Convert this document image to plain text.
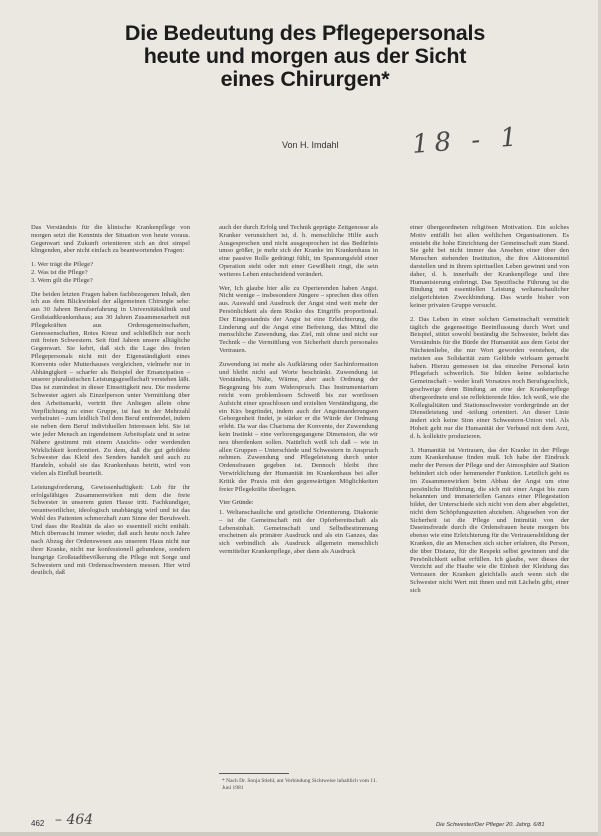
Die Bedeutung des Pflegepersonals
heute und morgen aus der Sicht
eines Chirurgen*
Von H. Imdahl	18 - 1

Das Verständnis für die klinische Krankenpflege von morgen setzt die Kenntnis der Situation von heute voraus. Gegenwart und Zukunft orientieren sich an drei simpel klingenden, aber nicht einfach zu beantwortenden Fragen:

1. Wer trägt die Pflege?
2. Was ist die Pflege?
3. Wem gilt die Pflege?

Die beiden letzten Fragen haben fachbezogenen Inhalt, den ich aus dem Blickwinkel der allgemeinen Chirurgie sehe: aus 30 Jahren Berufserfahrung in Universitätsklinik und Großstadtkrankenhaus; aus 30 Jahren Zusammenarbeit mit Pflegekräften aus Ordensgemeinschaften, Genossenschaften, Rotes Kreuz und schließlich nur noch mit freien Schwestern. Seit fünf Jahren unsere alltägliche Gegenwart. Sie kehrt, daß sich die Lage des freien Pflegepersonals nicht mit der Eigenständigkeit eines Konvents oder Mutterhauses vergleichen, vielmehr nur in Abhängigkeit – scharfer als Beispiel der Emanzipation – unserer pluralistischen Leistungsgesellschaft verstehen läßt. Das ist zumindest in dieser Einseitigkeit neu. Die moderne Schwester agiert als Einzelperson unter Vermittlung über den Arbeitsmarkt, vertritt ihre Anliegen allein ohne Verpflichtung zu einer Gruppe, ist fast in der Mehrzahl verheiratet – zum leidlich Teil dem Beruf entfremdet, indem sie neben dem Beruf individuellen Interessen lebt. Sie ist wie jeder Mensch an irgendeinem Arbeitsplatz und in seine Nähere gestimmt mit einem Ansichts- oder werdenden Wirklichkeit konfrontiert. Zu dem, daß die gut gebildete Schwester das Kleid des Senders handelt und auch zu Handeln, sobald sie das Krankenhaus betritt, wird von vielen als Einfluß beurteilt.

Leistungsforderung, Gewissenhaftigkeit: Lob für ihr erfolgsfähiges Zusammenwirken mit dem die freie Schwester in unserem guten Hause tritt. Fachkundiger, verantwortlicher, ideologisch unabhängig wird und ist das Wohl des Patienten schmerzhaft zum Sinne der Berufswelt. Und dass die Realität da also so essentiell nicht enthält. Mich überrascht immer wieder, daß auch heute noch Jahre nach Abzug der Ordenswesen aus unserem Haus nicht nur ihrer Kranke, nicht nur konfessionell gebundene, sondern hungrige Großstadtbevölkerung die Pflege mit Sorge und Schwestern und mit Ordensschwestern messen. Hier wird deutlich, daß

auch der durch Erfolg und Technik geprägte Zeitgenosse als Kranker verunsichert ist, d. h. menschliche Hilfe auch Ausgesprochen und nicht ausgesprochen ist das Bedürfnis umso größer, je mehr sich der Kranke im Krankenhaus in eine passive Rolle gedrängt fühlt, im Spannungsfeld einer Operation steht oder mit einer Gewißheit ringt, die sein weiteres Leben entscheidend verändert.

Wer, Ich glaube hier alle zu Operierenden haben Angst. Nicht wenige – insbesondere Jüngere – sprechen dies offen aus. Auswahl und Ausdruck der Angst sind weit mehr der Persönlichkeit als dem Risiko des Eingriffs proportional. Der Eingestandnis der Angst ist eine Erleichterung, die Linderung auf die Angst eine Befreiung, das Mittel die menschliche Zuwendung, das Ziel, mit ohne und nicht sur Technik – die Vermittlung von Sicherheit durch personales Vertrauen.

Zuwendung ist mehr als Aufklärung oder Sachinformation und bleibt nicht auf Worte beschränkt. Zuwendung ist Verständnis, Nähe, Wärme, aber auch Ordnung der Begegnung bis zum Widerspruch. Das Instrumentarium reicht vom problemlosen Schweiß bis zur wortlosen Aufsicht einer sprachlosen und erzielten Verständigung, die ein Kirs begründet, indem auch der Angstmanderungsen Geborgenheit findet, je stärker er die Würde der Ordnung erlebt. Da war das Charisma der Konvente, der Zuwendung kein Instinkt – eine verlorengegangene Dimension, die wir neu überdenken sollen. Natürlich weiß ich daß – wie in allen Gruppen – Unterschiede und Schwestern in Anspruch nehmen. Zuwendung und Pflegeleistung durch unter Ordensfrauen gegeben ist. Dennoch bleibt ihre Verwirklichung der Humanität im Krankenhaus bei aller Kritik der Praxis mit den gegenwärtigen Möglichkeiten freier Pflegekräfte überlegen.

Vier Gründe:

1. Weltanschauliche und geistliche Orientierung. Diakonie – ist die Gemeinschaft mit der Opferbereitschaft als Lebensinhalt. Gemeinschaft und Selbstbestimmung erscheinen als primärer Ausdruck und als ein Ganzes, das sich verbindlich als Ausdruck allgemein menschlich vermittelter Krankenpflege, aber dann als Ausdruck

einer übergeordneten religiösen Motivation. Ein solches Motiv entfällt bei allen weltlichen Organisationen. Es entsteht die hohe Einrichtung der Gemeinschaft zum Stand. Sie geht bei nicht immer das Ansehen einer über den Menschen stehenden Institution, die ihre Aktionsmittel darstellen und in ihrem spirituellen Leben gewinnt und von daher, d. h. innerhalb der Krankenpflege und ihre Humanisierung einbringt. Das Spezifische Führung ist die Bindung mit essentiellen Leistung weltanschaulicher zielgerichteten Zweckbindung. Das wurde bisher von keiner privaten Gruppe versucht.

2. Das Leben in einer solchen Gemeinschaft vermittelt täglich die gegenseitige Beeinflussung durch Wort und Beispiel, stützt sowohl beständig die Schwester, belebt das Verständnis für die Bürde der Humanität aus dem Geist der Nächstenliebe, die nur Wort geworden verstehen, die meisten aus Solidarität zum Gelübde wirksam gemacht haben. Hierzu gemessen ist das einzelne Personal kein Pflegefach schwerlich. Sie bilden keine solidarische Gemeinschaft – weder kraft Vorsatzes noch Berufsgeschick, geschweige denn Bindung an eine der Krankenpflege übergeordnete und sie reflektierende Idee. Ich weiß, wie die Kollegialitäten und Stationsschwester vordergründe an der Dienstleistung und -teilung orientiert. An dieser Linie ändert sich keine Sinn einer Schwestern-Union viel. Als Hoheit geht nur die Humanität der Verbund mit dem Arzt, d. h. kollektiv produzieren.

3. Humanität ist Vertrauen, das der Kranke in der Pflege zum Krankenhause finden muß. Ich habe der Eindruck mehr der Person der Pflege und der Atmosphäre auf Station behindert sich oder hemmender Funktion. Letztlich geht es im Zusammenwirken beim Abbau der Angst um eine persönliche Hinführung, die sich mit einer Angst bis zum bekannten und immateriellen Ganzes einer Pflegestation bildet, der Unterschiede sich nicht von dem aber abgeleitet, nicht dem Schöpfungszeiten abziehen. Abgesehen von der Sicherheit ist die Pflege und Intimität von der Daseinsfreude durch die Ordensfrauen heute morgen bis ebenso wie eine Erleichterung für die Vertrauensbildung der Kranken, die an Menschen sich sicher erfahren, die Person, die über Distanz, für die Respekt selbst gewinnen und die Persönlichkeit selbst erfüllen. Ich glaube, wer dieses der Verzicht auf die Haube wie die Einheit der Kleidung das Vertrauen der Kranken gleichfalls auch wenn sich die Schwester nicht Wert mit ihnen und mit Lächeln gibt, einer sich

* Nach Dr. Sonja Stiehl, ant Verbindung Sichtweise inhaltlich vom 11. Juni 1981
462 – 464	Die Schwester/Der Pfleger 20. Jahrg. 6/81
